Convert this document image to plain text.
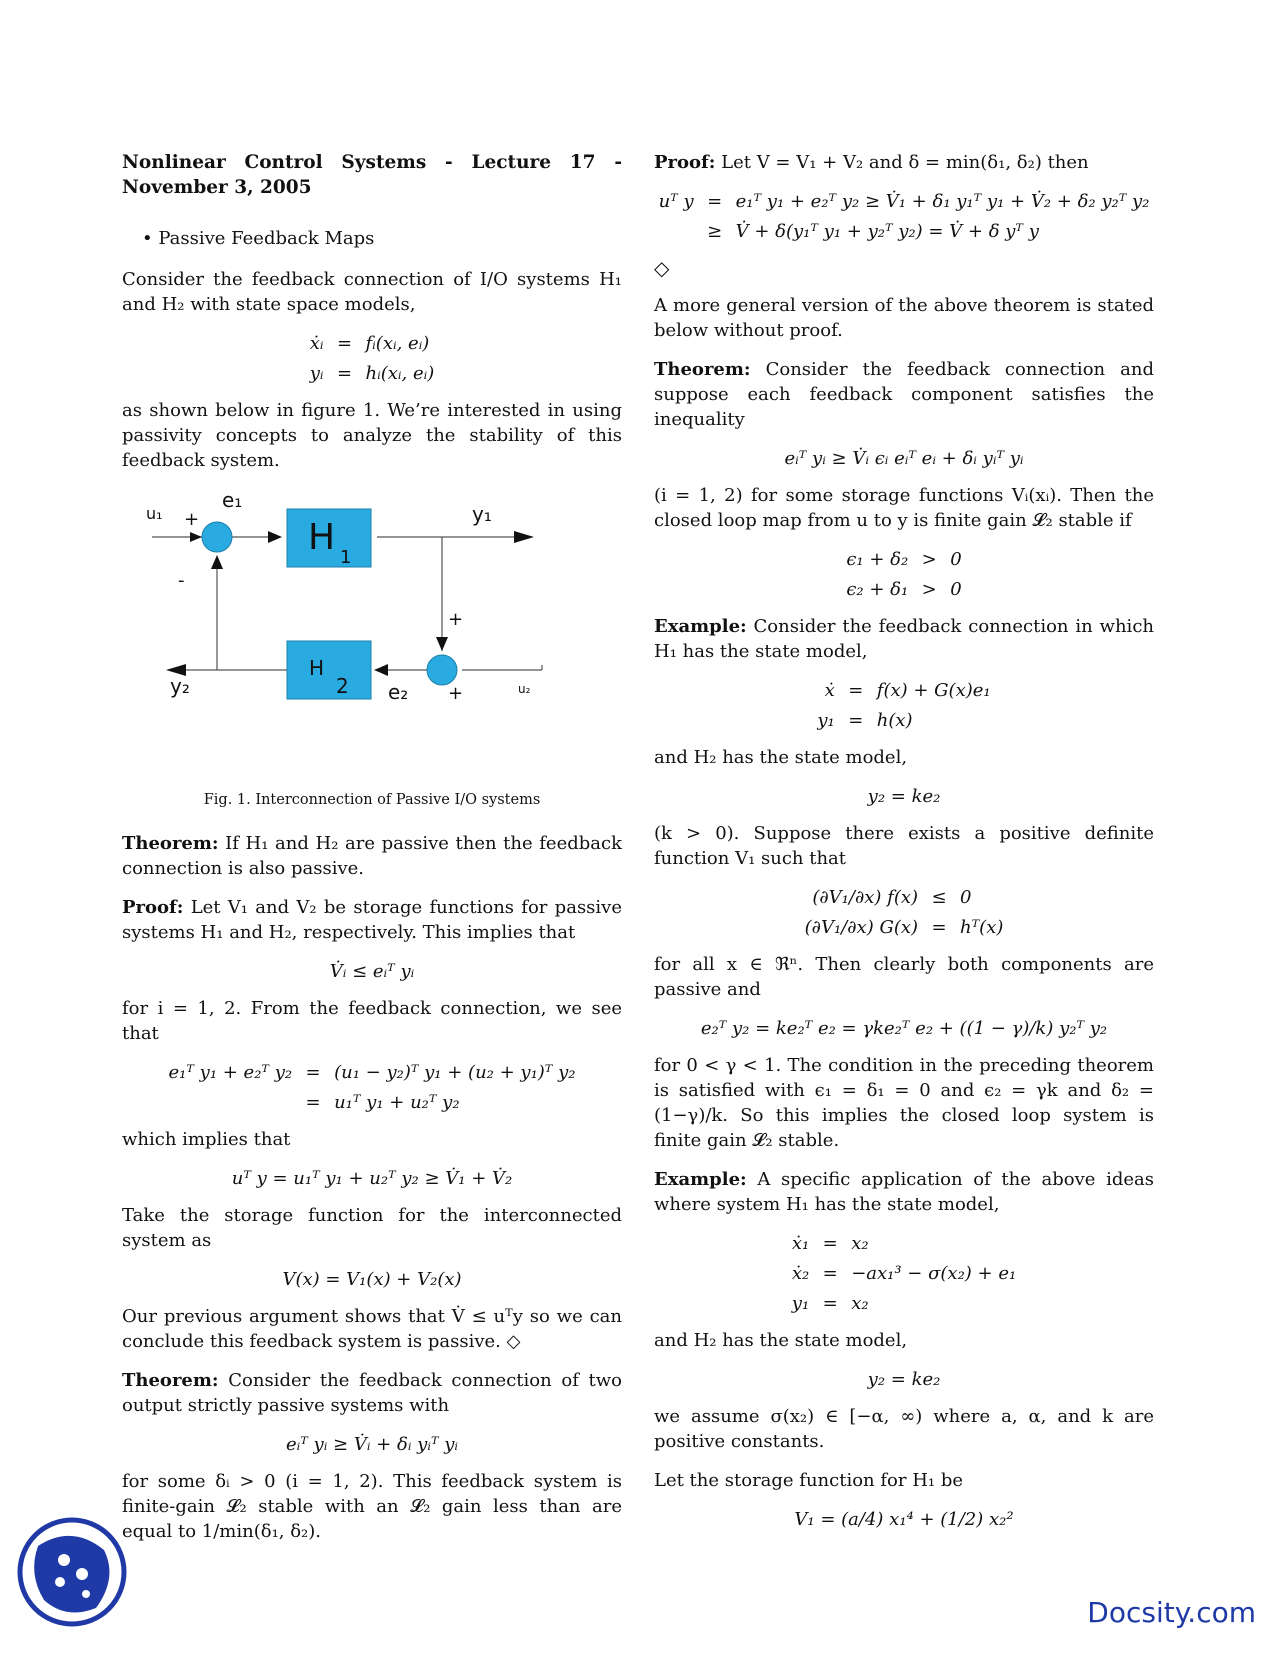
Nonlinear Control Systems - Lecture 17 - November 3, 2005

• Passive Feedback Maps

Consider the feedback connection of I/O systems H₁ and H₂ with state space models,

ẋᵢ = fᵢ(xᵢ, eᵢ)
yᵢ = hᵢ(xᵢ, eᵢ)

as shown below in figure 1. We’re interested in using passivity concepts to analyze the stability of this feedback system.

H 1
H
2
u₁ +
e₁
y₁
-
+
y₂	e₂ +	u₂

Fig. 1. Interconnection of Passive I/O systems

Theorem: If H₁ and H₂ are passive then the feedback connection is also passive.

Proof: Let V₁ and V₂ be storage functions for passive systems H₁ and H₂, respectively. This implies that

V̇ᵢ ≤ eᵢᵀ yᵢ

for i = 1, 2. From the feedback connection, we see that

e₁ᵀ y₁ + e₂ᵀ y₂ = (u₁ − y₂)ᵀ y₁ + (u₂ + y₁)ᵀ y₂
= u₁ᵀ y₁ + u₂ᵀ y₂

which implies that

uᵀ y = u₁ᵀ y₁ + u₂ᵀ y₂ ≥ V̇₁ + V̇₂

Take the storage function for the interconnected system as

V(x) = V₁(x) + V₂(x)

Our previous argument shows that V̇ ≤ uᵀy so we can conclude this feedback system is passive. ◇

Theorem: Consider the feedback connection of two output strictly passive systems with

eᵢᵀ yᵢ ≥ V̇ᵢ + δᵢ yᵢᵀ yᵢ

for some δᵢ > 0 (i = 1, 2). This feedback system is finite-gain 𝓛₂ stable with an 𝓛₂ gain less than are equal to 1/min(δ₁, δ₂).

Proof: Let V = V₁ + V₂ and δ = min(δ₁, δ₂) then

uᵀ y = e₁ᵀ y₁ + e₂ᵀ y₂ ≥ V̇₁ + δ₁ y₁ᵀ y₁ + V̇₂ + δ₂ y₂ᵀ y₂
≥ V̇ + δ(y₁ᵀ y₁ + y₂ᵀ y₂) = V̇ + δ yᵀ y
◇

A more general version of the above theorem is stated below without proof.

Theorem: Consider the feedback connection and suppose each feedback component satisfies the inequality

eᵢᵀ yᵢ ≥ V̇ᵢ ϵᵢ eᵢᵀ eᵢ + δᵢ yᵢᵀ yᵢ

(i = 1, 2) for some storage functions Vᵢ(xᵢ). Then the closed loop map from u to y is finite gain 𝓛₂ stable if

ϵ₁ + δ₂ > 0
ϵ₂ + δ₁ > 0

Example: Consider the feedback connection in which H₁ has the state model,

ẋ = f(x) + G(x)e₁
y₁ = h(x)

and H₂ has the state model,

y₂ = ke₂

(k > 0). Suppose there exists a positive definite function V₁ such that

(∂V₁/∂x) f(x) ≤ 0
(∂V₁/∂x) G(x) = hᵀ(x)

for all x ∈ ℜⁿ. Then clearly both components are passive and

e₂ᵀ y₂ = ke₂ᵀ e₂ = γke₂ᵀ e₂ + ((1 − γ)/k) y₂ᵀ y₂

for 0 < γ < 1. The condition in the preceding theorem is satisfied with ϵ₁ = δ₁ = 0 and ϵ₂ = γk and δ₂ = (1−γ)/k. So this implies the closed loop system is finite gain 𝓛₂ stable.

Example: A specific application of the above ideas where system H₁ has the state model,

ẋ₁ = x₂
ẋ₂ = −ax₁³ − σ(x₂) + e₁
y₁ = x₂

and H₂ has the state model,

y₂ = ke₂

we assume σ(x₂) ∈ [−α, ∞) where a, α, and k are positive constants.

Let the storage function for H₁ be

V₁ = (a/4) x₁⁴ + (1/2) x₂²
Docsity.com
